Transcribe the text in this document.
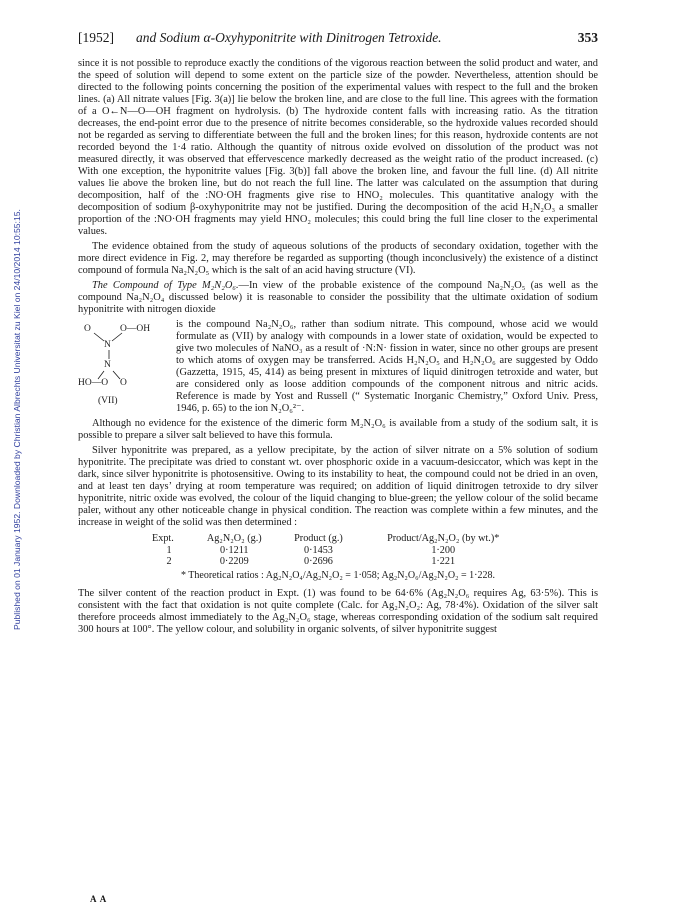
Published on 01 January 1952. Downloaded by Christian Albrechts Universitat zu Kiel on 24/10/2014 10:55:15.
[1952] and Sodium α-Oxyhyponitrite with Dinitrogen Tetroxide.	353

since it is not possible to reproduce exactly the conditions of the vigorous reaction between the solid product and water, and the speed of solution will depend to some extent on the particle size of the powder. Nevertheless, attention should be directed to the following points concerning the position of the experimental values with respect to the full and the broken lines. (a) All nitrate values [Fig. 3(a)] lie below the broken line, and are close to the full line. This agrees with the formation of a O←N—O—OH fragment on hydrolysis. (b) The hydroxide content falls with increasing ratio. As the titration decreases, the end-point error due to the presence of nitrite becomes considerable, so the hydroxide values recorded should not be regarded as serving to differentiate between the full and the broken lines; for this reason, hydroxide contents are not recorded beyond the 1·4 ratio. Although the quantity of nitrous oxide evolved on dissolution of the product was not measured directly, it was observed that effervescence markedly decreased as the weight ratio of the product increased. (c) With one exception, the hyponitrite values [Fig. 3(b)] fall above the broken line, and favour the full line. (d) All nitrite values lie above the broken line, but do not reach the full line. The latter was calculated on the assumption that during decomposition, half of the :NO·OH fragments give rise to HNO₂ molecules. This quantitative analogy with the decomposition of sodium β-oxyhyponitrite may not be justified. During the decomposition of the acid H₂N₂O₃ a smaller proportion of the :NO·OH fragments may yield HNO₂ molecules; this could bring the full line closer to the experimental values.

The evidence obtained from the study of aqueous solutions of the products of secondary oxidation, together with the more direct evidence in Fig. 2, may therefore be regarded as supporting (though inconclusively) the existence of a distinct compound of formula Na₂N₂O₅ which is the salt of an acid having structure (VI).

The Compound of Type M₂N₂O₆.—In view of the probable existence of the compound Na₂N₂O₅ (as well as the compound Na₂N₂O₄ discussed below) it is reasonable to consider the possibility that the ultimate oxidation of sodium hyponitrite with nitrogen dioxide

O	O—OH
N
N
HO—O O
(VII)

is the compound Na₂N₂O₆, rather than sodium nitrate. This compound, whose acid we would formulate as (VII) by analogy with compounds in a lower state of oxidation, would be expected to give two molecules of NaNO₃ as a result of ·N:N· fission in water, since no other groups are present to which atoms of oxygen may be transferred. Acids H₂N₂O₅ and H₂N₂O₆ are suggested by Oddo (Gazzetta, 1915, 45, 414) as being present in mixtures of liquid dinitrogen tetroxide and water, but are considered only as loose addition compounds of the component nitrous and nitric acids. Reference is made by Yost and Russell (“ Systematic Inorganic Chemistry,” Oxford Univ. Press, 1946, p. 65) to the ion N₂O₆²⁻.

Although no evidence for the existence of the dimeric form M₂N₂O₆ is available from a study of the sodium salt, it is possible to prepare a silver salt believed to have this formula.

Silver hyponitrite was prepared, as a yellow precipitate, by the action of silver nitrate on a 5% solution of sodium hyponitrite. The precipitate was dried to constant wt. over phosphoric oxide in a vacuum-desiccator, which was kept in the dark, since silver hyponitrite is photosensitive. Owing to its instability to heat, the compound could not be dried in an oven, and at least ten days’ drying at room temperature was required; on addition of liquid dinitrogen tetroxide to dry silver hyponitrite, nitric oxide was evolved, the colour of the liquid changing to blue-green; the yellow colour of the solid became paler, without any other noticeable change in physical condition. The reaction was complete within a few minutes, and the increase in weight of the solid was then determined :

Expt.	Ag₂N₂O₂ (g.)	Product (g.)	Product/Ag₂N₂O₂ (by wt.)*
1	0·1211	0·1453	1·200
2	0·2209	0·2696	1·221
* Theoretical ratios : Ag₂N₂O₄/Ag₂N₂O₂ = 1·058; Ag₂N₂O₆/Ag₂N₂O₂ = 1·228.

The silver content of the reaction product in Expt. (1) was found to be 64·6% (Ag₂N₂O₆ requires Ag, 63·5%). This is consistent with the fact that oxidation is not quite complete (Calc. for Ag₂N₂O₂: Ag, 78·4%). Oxidation of the silver salt therefore proceeds almost immediately to the Ag₂N₂O₆ stage, whereas corresponding oxidation of the sodium salt required 300 hours at 100°. The yellow colour, and solubility in organic solvents, of silver hyponitrite suggest

A A
